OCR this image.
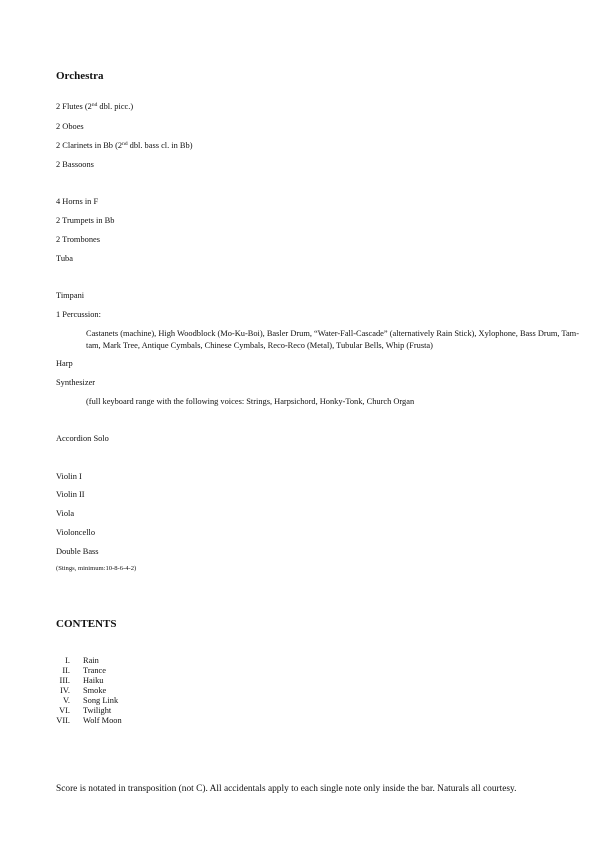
Orchestra
2 Flutes (2nd dbl. picc.)
2 Oboes
2 Clarinets in Bb (2nd dbl. bass cl. in Bb)
2 Bassoons
4 Horns in F
2 Trumpets in Bb
2 Trombones
Tuba
Timpani
1 Percussion:
Castanets (machine), High Woodblock (Mo-Ku-Boi), Basler Drum, “Water-Fall-Cascade” (alternatively Rain Stick), Xylophone, Bass Drum, Tam-tam, Mark Tree, Antique Cymbals, Chinese Cymbals, Reco-Reco (Metal), Tubular Bells, Whip (Frusta)
Harp
Synthesizer
(full keyboard range with the following voices: Strings, Harpsichord, Honky-Tonk, Church Organ
Accordion Solo
Violin I
Violin II
Viola
Violoncello
Double Bass
(Stings, minimum:10-8-6-4-2)
CONTENTS
I. Rain
II. Trance
III. Haiku
IV. Smoke
V. Song Link
VI. Twilight
VII. Wolf Moon
Score is notated in transposition (not C). All accidentals apply to each single note only inside the bar. Naturals all courtesy.
